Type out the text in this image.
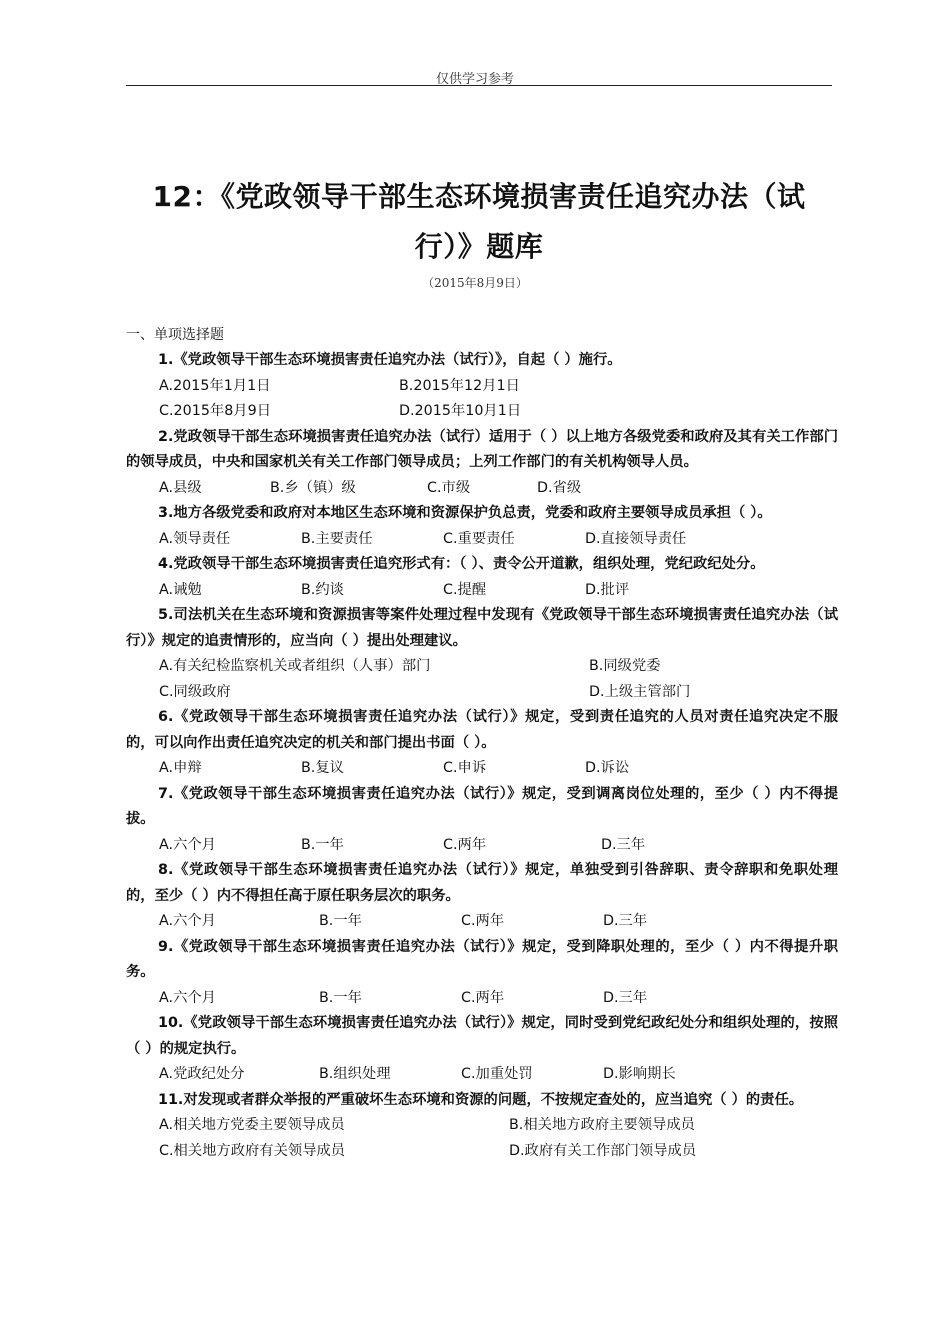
仅供学习参考
12：《党政领导干部生态环境损害责任追究办法（试
行）》题库
（2015年8月9日）
一、单项选择题

1.《党政领导干部生态环境损害责任追究办法（试行）》，自起（ ）施行。

A.2015年1月1日	B.2015年12月1日
C.2015年8月9日	D.2015年10月1日

2.党政领导干部生态环境损害责任追究办法（试行）适用于（ ）以上地方各级党委和政府及其有关工作部门的领导成员，中央和国家机关有关工作部门领导成员；上列工作部门的有关机构领导人员。

A.县级	B.乡（镇）级	C.市级	D.省级

3.地方各级党委和政府对本地区生态环境和资源保护负总责，党委和政府主要领导成员承担（ ）。

A.领导责任	B.主要责任	C.重要责任	D.直接领导责任

4.党政领导干部生态环境损害责任追究形式有：（ ）、责令公开道歉，组织处理，党纪政纪处分。

A.诫勉	B.约谈	C.提醒	D.批评

5.司法机关在生态环境和资源损害等案件处理过程中发现有《党政领导干部生态环境损害责任追究办法（试行）》规定的追责情形的，应当向（ ）提出处理建议。

A.有关纪检监察机关或者组织（人事）部门	B.同级党委
C.同级政府	D.上级主管部门

6.《党政领导干部生态环境损害责任追究办法（试行）》规定，受到责任追究的人员对责任追究决定不服的，可以向作出责任追究决定的机关和部门提出书面（ ）。

A.申辩	B.复议	C.申诉	D.诉讼

7.《党政领导干部生态环境损害责任追究办法（试行）》规定，受到调离岗位处理的，至少（ ）内不得提拔。

A.六个月	B.一年	C.两年	D.三年

8.《党政领导干部生态环境损害责任追究办法（试行）》规定，单独受到引咎辞职、责令辞职和免职处理的，至少（ ）内不得担任高于原任职务层次的职务。

A.六个月	B.一年	C.两年	D.三年

9.《党政领导干部生态环境损害责任追究办法（试行）》规定，受到降职处理的，至少（ ）内不得提升职务。

A.六个月	B.一年	C.两年	D.三年

10.《党政领导干部生态环境损害责任追究办法（试行）》规定，同时受到党纪政纪处分和组织处理的，按照（ ）的规定执行。

A.党政纪处分	B.组织处理	C.加重处罚	D.影响期长

11.对发现或者群众举报的严重破坏生态环境和资源的问题，不按规定查处的，应当追究（ ）的责任。

A.相关地方党委主要领导成员	B.相关地方政府主要领导成员
C.相关地方政府有关领导成员	D.政府有关工作部门领导成员
